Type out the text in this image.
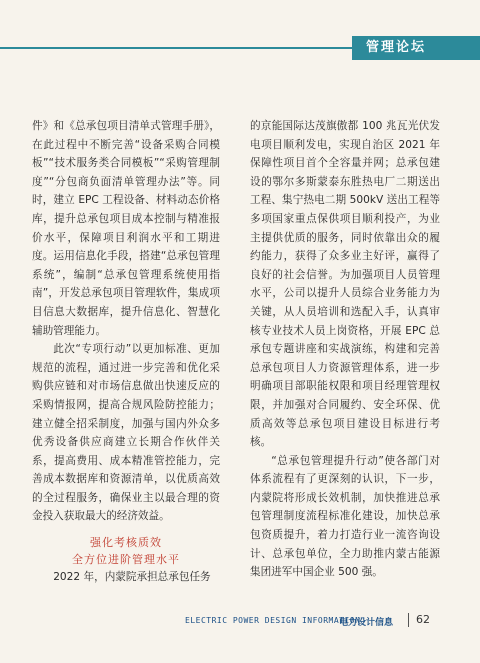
管理论坛

件》和《总承包项目清单式管理手册》，在此过程中不断完善“设备采购合同模板”“技术服务类合同模板”“采购管理制度”“分包商负面清单管理办法”等。同时，建立 EPC 工程设备、材料动态价格库，提升总承包项目成本控制与精准报价水平，保障项目利润水平和工期进度。运用信息化手段，搭建“总承包管理系统”，编制“总承包管理系统使用指南”，开发总承包项目管理软件，集成项目信息大数据库，提升信息化、智慧化辅助管理能力。

此次“专项行动”以更加标准、更加规范的流程，通过进一步完善和优化采购供应链和对市场信息做出快速反应的采购情报网，提高合规风险防控能力；建立健全招采制度，加强与国内外众多优秀设备供应商建立长期合作伙伴关系，提高费用、成本精准管控能力，完善成本数据库和资源清单，以优质高效的全过程服务，确保业主以最合理的资金投入获取最大的经济效益。

强化考核质效
全方位进阶管理水平

2022 年，内蒙院承担总承包任务

的京能国际达茂旗傲都 100 兆瓦光伏发电项目顺利发电，实现自治区 2021 年保障性项目首个全容量并网；总承包建设的鄂尔多斯蒙泰东胜热电厂二期送出工程、集宁热电二期 500kV 送出工程等多项国家重点保供项目顺利投产，为业主提供优质的服务，同时依靠出众的履约能力，获得了众多业主好评，赢得了良好的社会信誉。为加强项目人员管理水平，公司以提升人员综合业务能力为关键，从人员培训和选配入手，认真审核专业技术人员上岗资格，开展 EPC 总承包专题讲座和实战演练，构建和完善总承包项目人力资源管理体系，进一步明确项目部职能权限和项目经理管理权限，并加强对合同履约、安全环保、优质高效等总承包项目建设目标进行考核。

“总承包管理提升行动”使各部门对体系流程有了更深刻的认识，下一步，内蒙院将形成长效机制，加快推进总承包管理制度流程标准化建设，加快总承包资质提升，着力打造行业一流咨询设计、总承包单位，全力助推内蒙古能源集团进军中国企业 500 强。

ELECTRIC POWER DESIGN INFORMATION
电力设计信息 62
